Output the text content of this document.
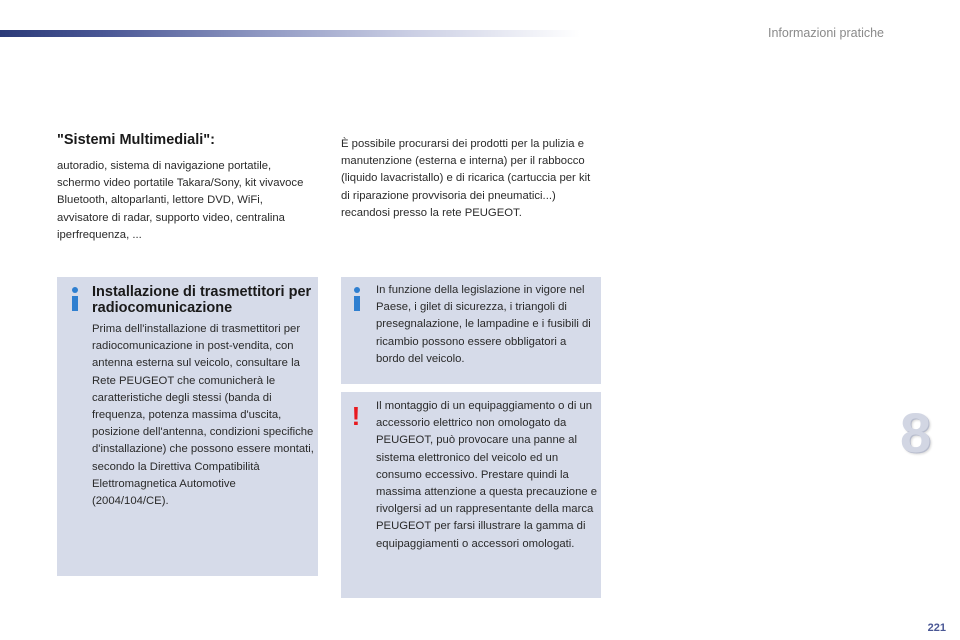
Informazioni pratiche
"Sistemi Multimediali":

autoradio, sistema di navigazione portatile, schermo video portatile Takara/Sony, kit vivavoce Bluetooth, altoparlanti, lettore DVD, WiFi, avvisatore di radar, supporto video, centralina iperfrequenza, ...

È possibile procurarsi dei prodotti per la pulizia e manutenzione (esterna e interna) per il rabbocco (liquido lavacristallo) e di ricarica (cartuccia per kit di riparazione provvisoria dei pneumatici...) recandosi presso la rete PEUGEOT.

Installazione di trasmettitori per radiocomunicazione

Prima dell'installazione di trasmettitori per radiocomunicazione in post-vendita, con antenna esterna sul veicolo, consultare la Rete PEUGEOT che comunicherà le caratteristiche degli stessi (banda di frequenza, potenza massima d'uscita, posizione dell'antenna, condizioni specifiche d'installazione) che possono essere montati, secondo la Direttiva Compatibilità Elettromagnetica Automotive (2004/104/CE).

In funzione della legislazione in vigore nel Paese, i gilet di sicurezza, i triangoli di presegnalazione, le lampadine e i fusibili di ricambio possono essere obbligatori a bordo del veicolo.

! Il montaggio di un equipaggiamento o di un accessorio elettrico non omologato da PEUGEOT, può provocare una panne al sistema elettronico del veicolo ed un consumo eccessivo. Prestare quindi la massima attenzione a questa precauzione e rivolgersi ad un rappresentante della marca PEUGEOT per farsi illustrare la gamma di equipaggiamenti o accessori omologati.

8
221
